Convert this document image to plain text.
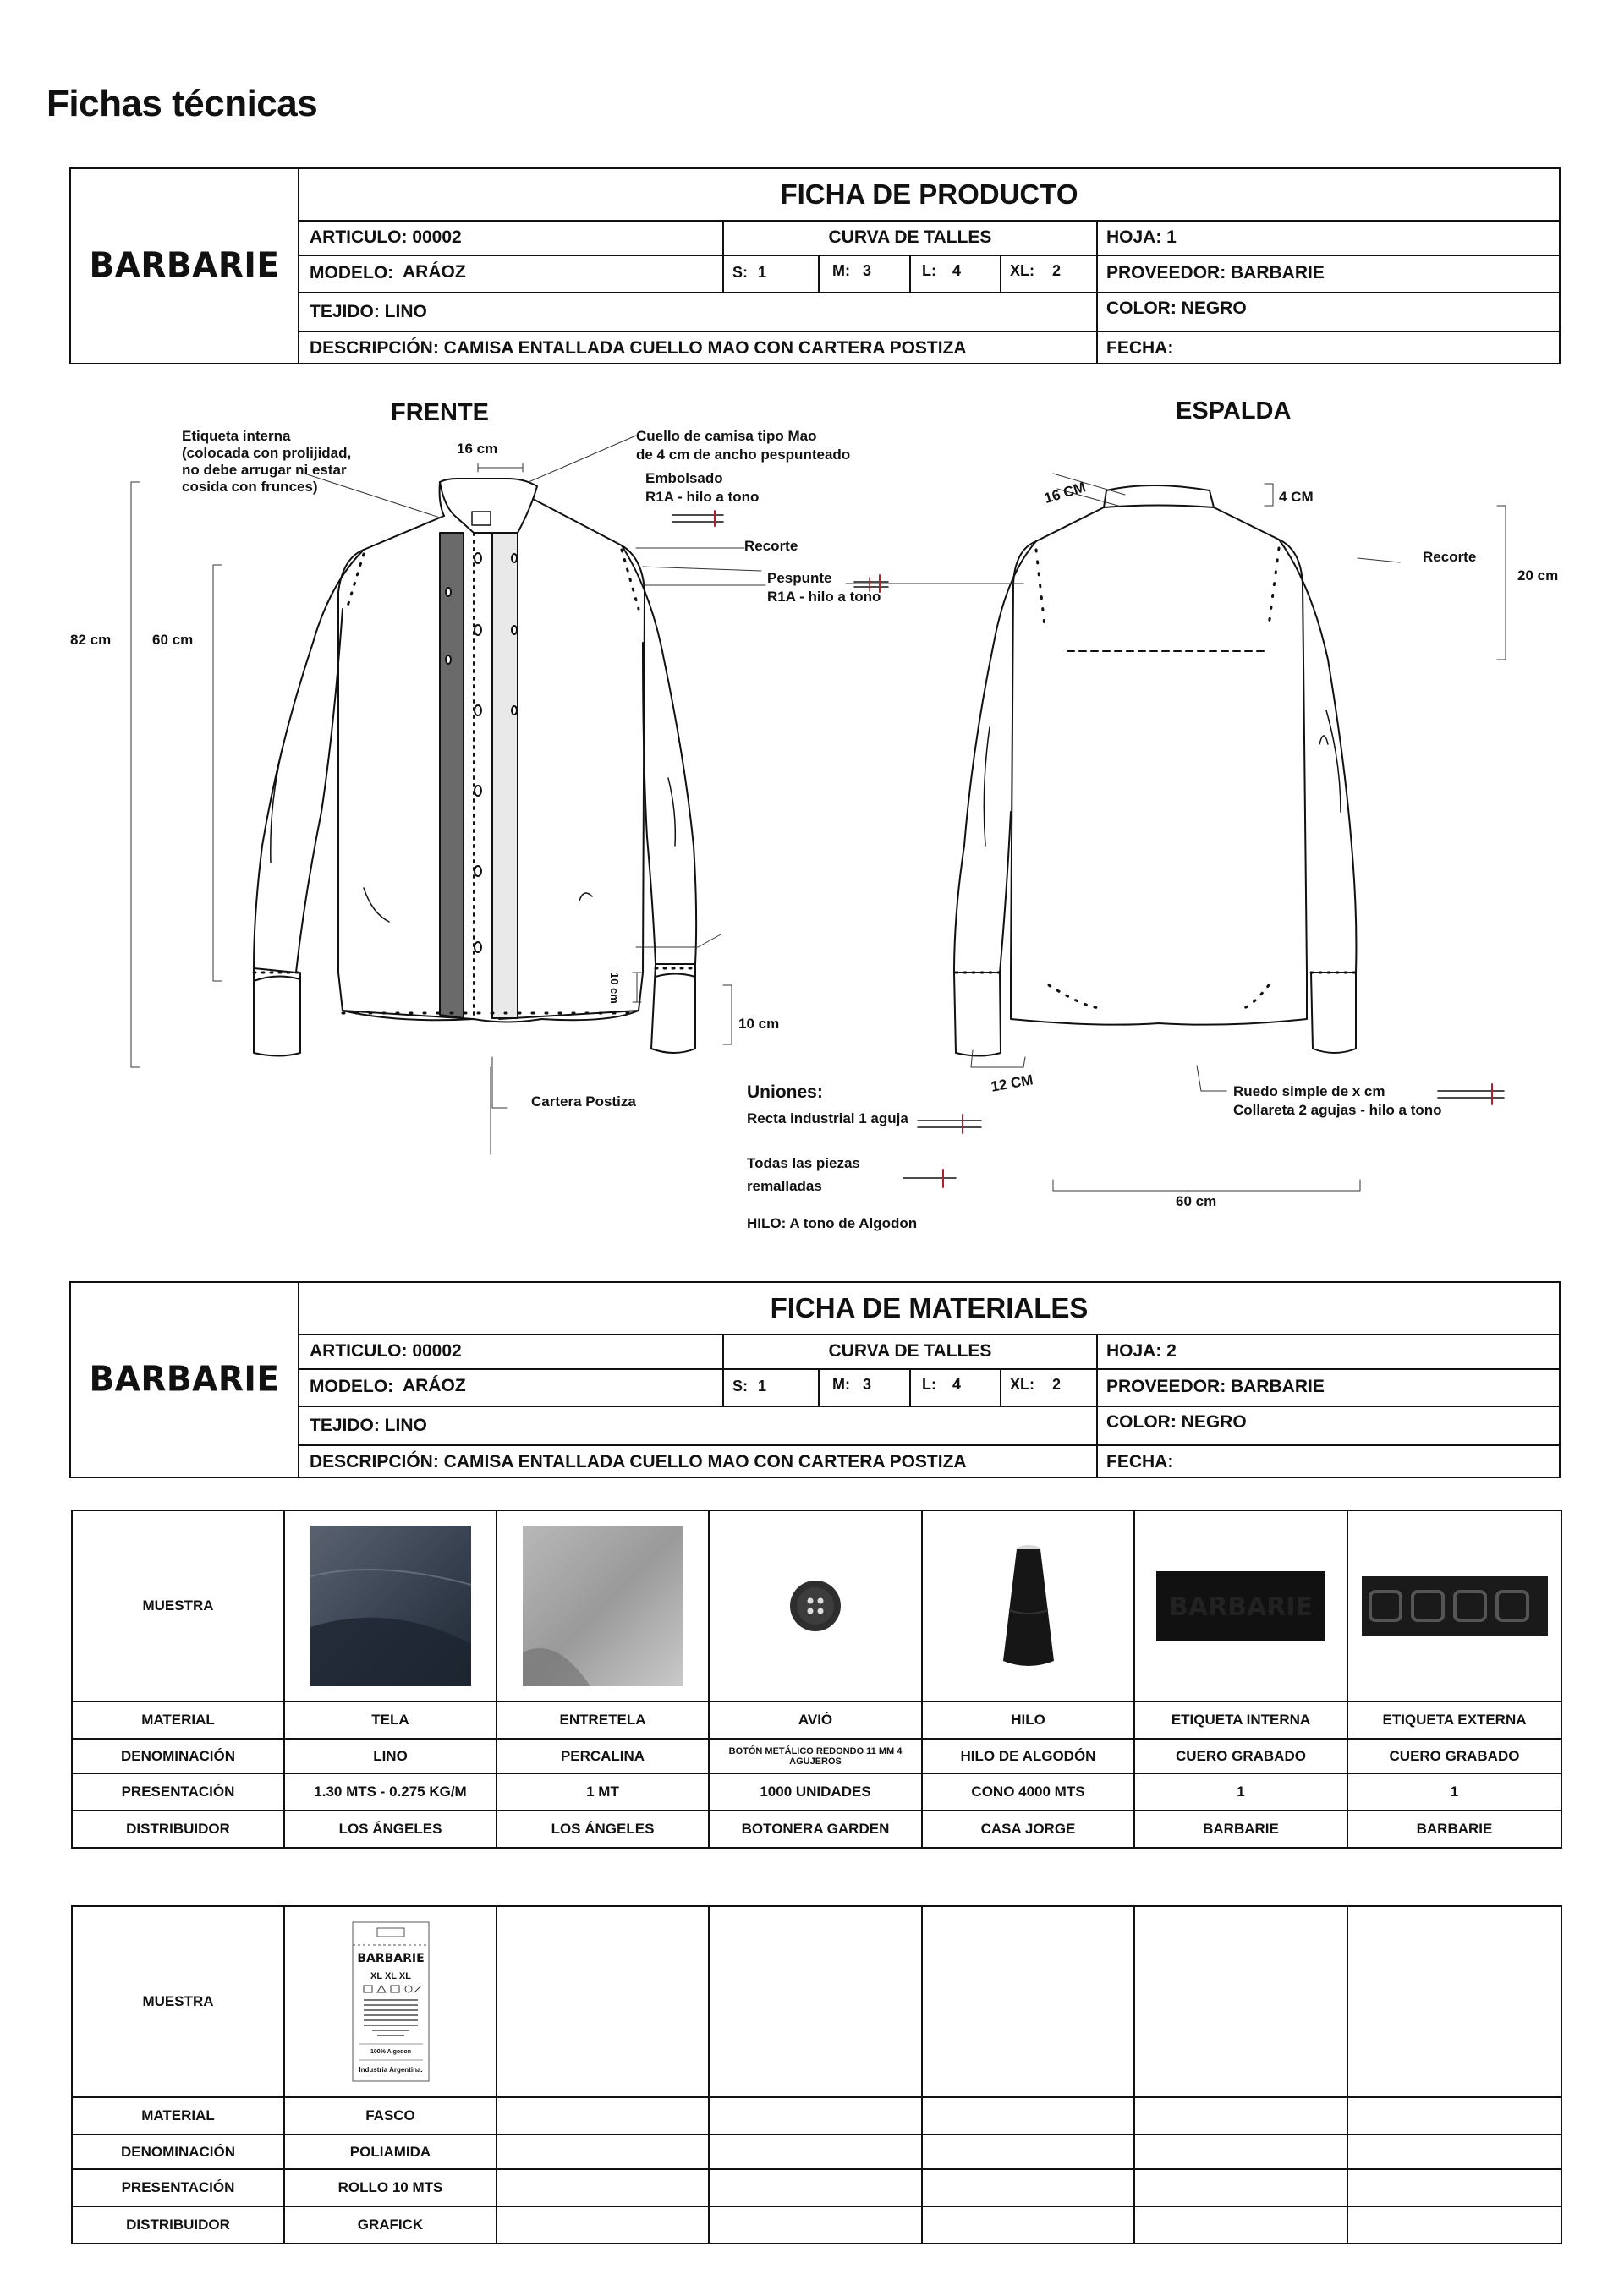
Fichas técnicas
BARBARIE
FICHA DE PRODUCTO
ARTICULO: 00002	CURVA DE TALLES	HOJA: 1
MODELO: ARÁOZ	S: 1	M: 3	L: 4	XL: 2	PROVEEDOR: BARBARIE
TEJIDO: LINO	COLOR: NEGRO
DESCRIPCIÓN: CAMISA ENTALLADA CUELLO MAO CON CARTERA POSTIZA	FECHA:
FRENTE	ESPALDA
Etiqueta interna
(colocada con prolijidad,
no debe arrugar ni estar
cosida con frunces)
16 cm
Cuello de camisa tipo Mao
de 4 cm de ancho pespunteado
Embolsado
R1A - hilo a tono
Recorte
Pespunte
R1A - hilo a tono
82 cm	60 cm
10 cm
10 cm
Cartera Postiza
16 CM	4 CM
Recorte
20 cm
12 CM	Ruedo simple de x cm
Collareta 2 agujas - hilo a tono
60 cm
Uniones:
Recta industrial 1 aguja
Todas las piezas
remalladas
HILO: A tono de Algodon
BARBARIE
FICHA DE MATERIALES
ARTICULO: 00002	CURVA DE TALLES	HOJA: 2
MODELO: ARÁOZ	S: 1	M: 3	L: 4	XL: 2	PROVEEDOR: BARBARIE
TEJIDO: LINO	COLOR: NEGRO
DESCRIPCIÓN: CAMISA ENTALLADA CUELLO MAO CON CARTERA POSTIZA	FECHA:
MUESTRA					BARBARIE

MATERIAL	TELA	ENTRETELA	AVIÓ	HILO	ETIQUETA INTERNA	ETIQUETA EXTERNA
DENOMINACIÓN	LINO	PERCALINA	BOTÓN METÁLICO REDONDO 11 MM 4 AGUJEROS	HILO DE ALGODÓN	CUERO GRABADO	CUERO GRABADO
PRESENTACIÓN	1.30 MTS - 0.275 KG/M	1 MT	1000 UNIDADES	CONO 4000 MTS	1	1
DISTRIBUIDOR	LOS ÁNGELES	LOS ÁNGELES	BOTONERA GARDEN	CASA JORGE	BARBARIE	BARBARIE
MUESTRA	BARBARIE
XL XL XL
100% Algodon
Industria Argentina.					

MATERIAL	FASCO					
DENOMINACIÓN	POLIAMIDA					
PRESENTACIÓN	ROLLO 10 MTS					
DISTRIBUIDOR	GRAFICK					
